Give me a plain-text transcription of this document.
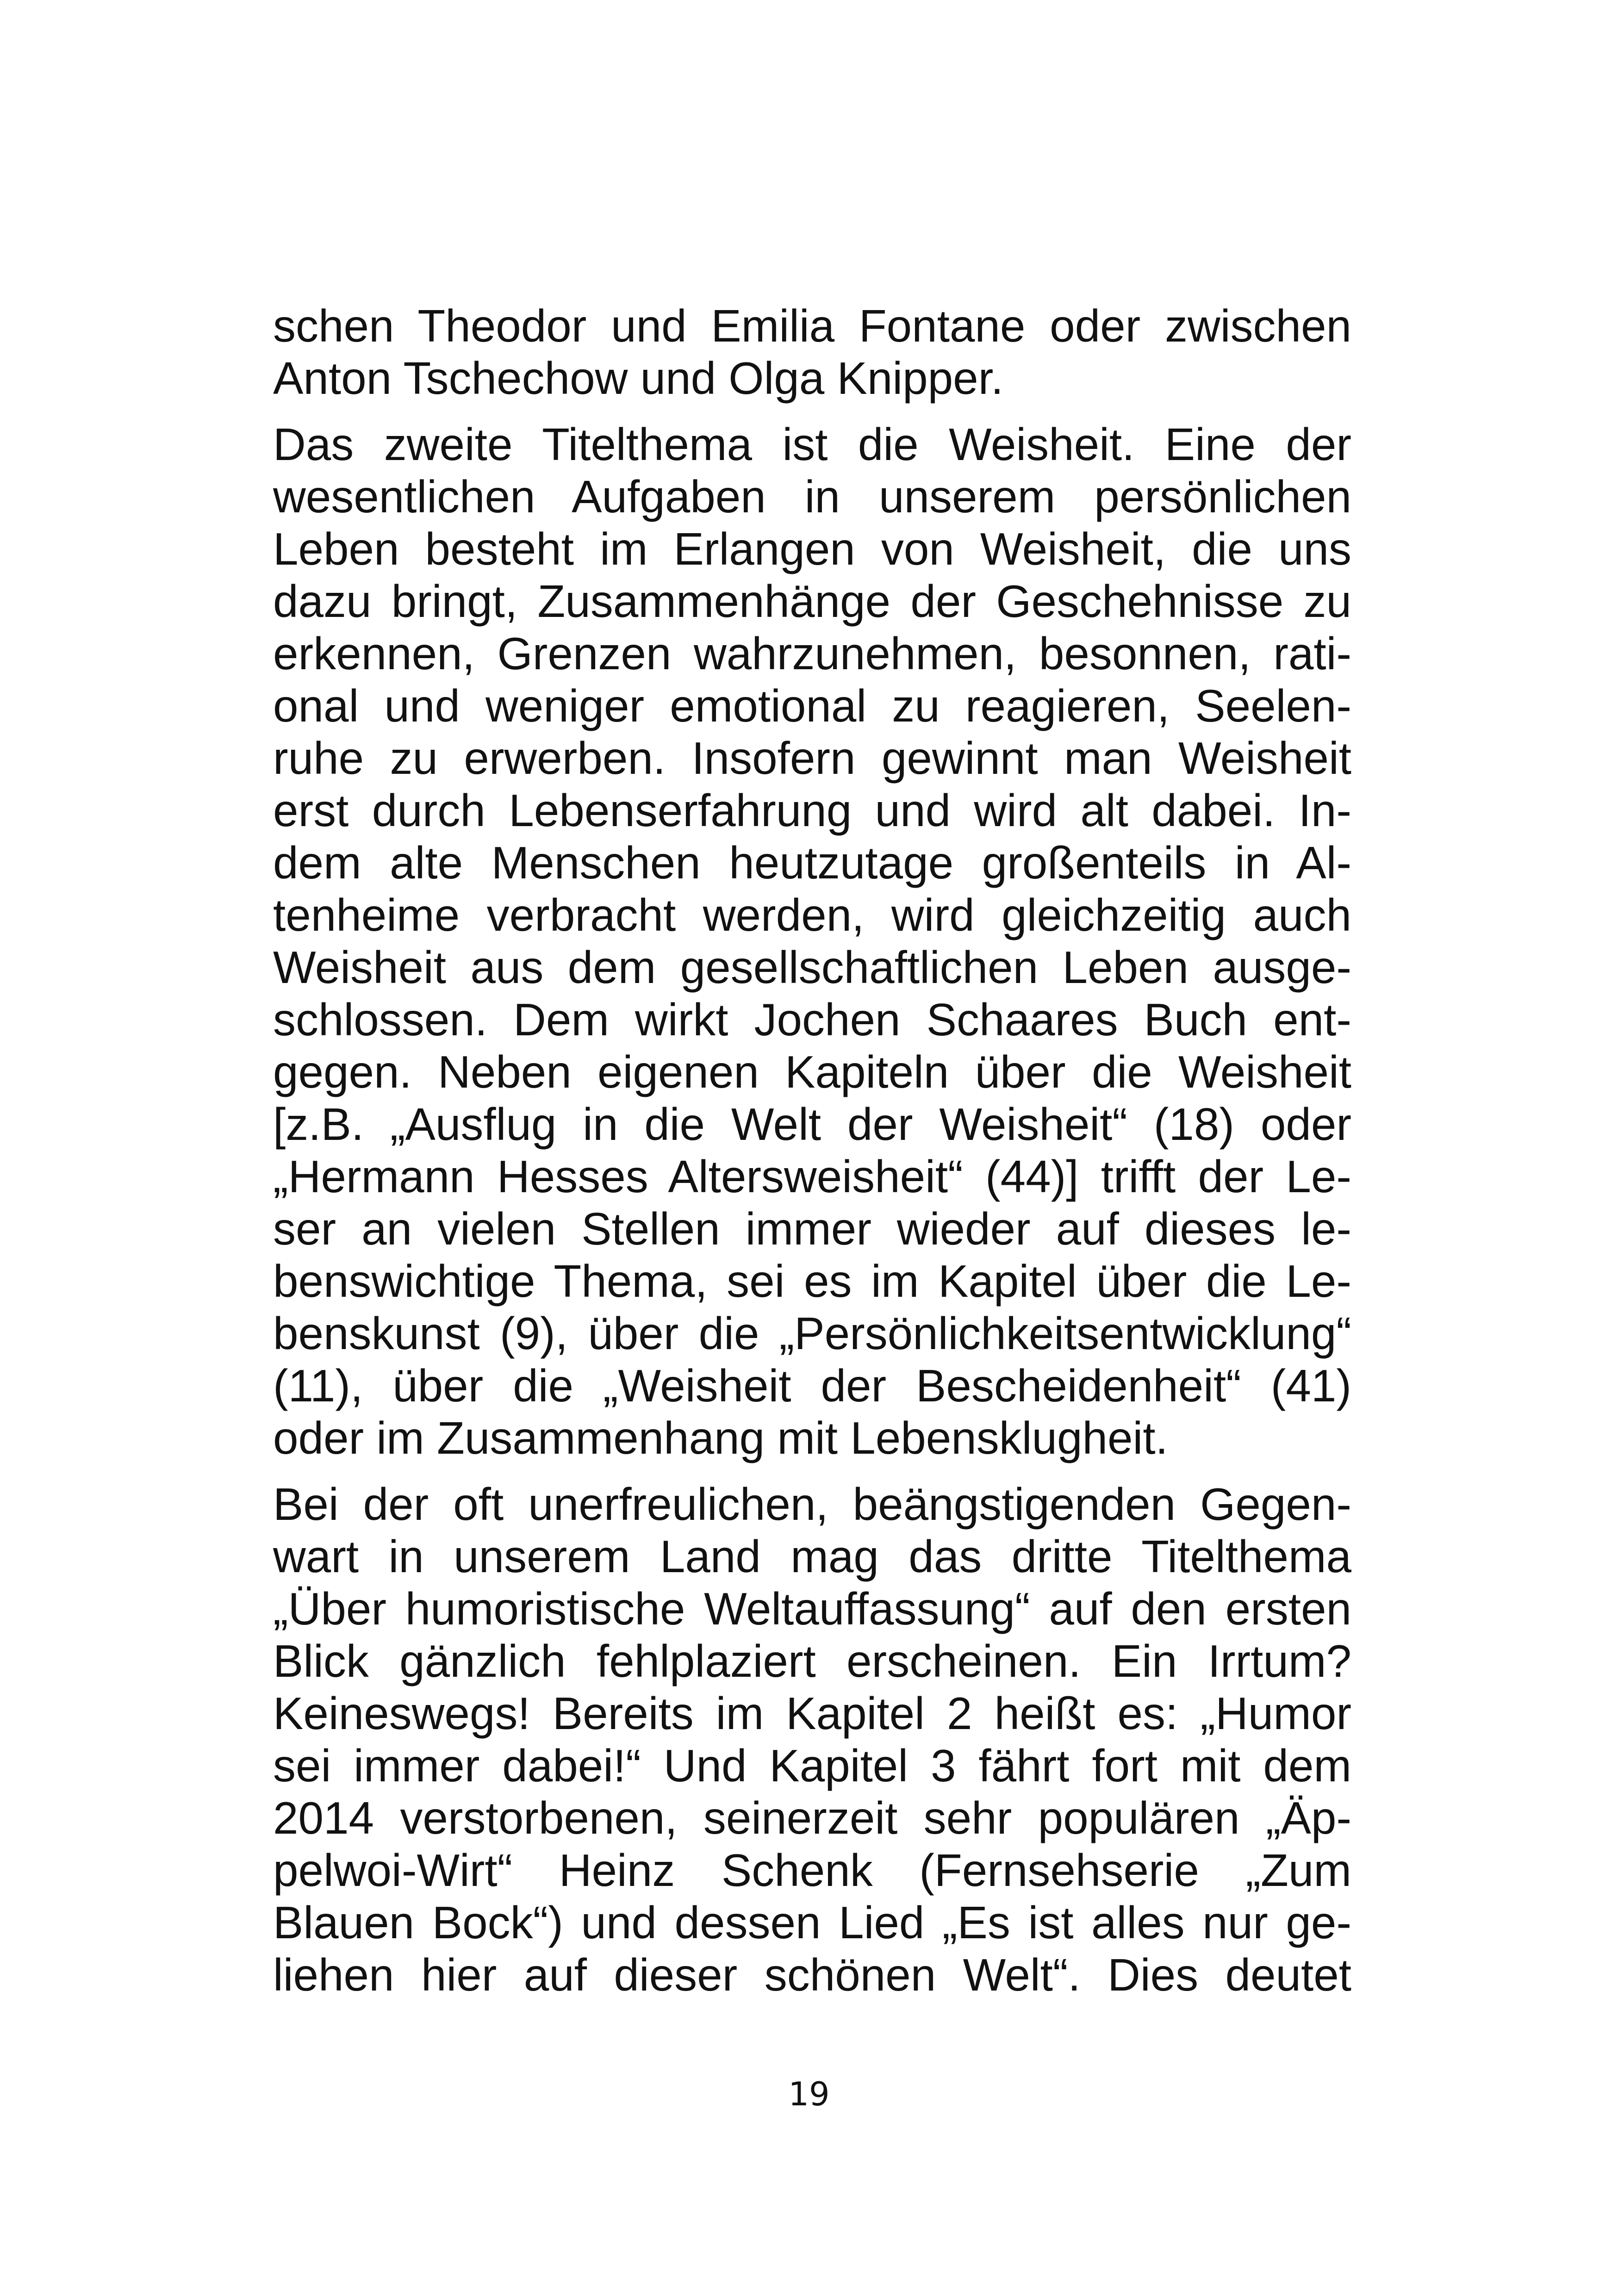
schen Theodor und Emilia Fontane oder zwischen
Anton Tschechow und Olga Knipper.
Das zweite Titelthema ist die Weisheit. Eine der
wesentlichen Aufgaben in unserem persönlichen
Leben besteht im Erlangen von Weisheit, die uns
dazu bringt, Zusammenhänge der Geschehnisse zu
erkennen, Grenzen wahrzunehmen, besonnen, rati-
onal und weniger emotional zu reagieren, Seelen-
ruhe zu erwerben. Insofern gewinnt man Weisheit
erst durch Lebenserfahrung und wird alt dabei. In-
dem alte Menschen heutzutage großenteils in Al-
tenheime verbracht werden, wird gleichzeitig auch
Weisheit aus dem gesellschaftlichen Leben ausge-
schlossen. Dem wirkt Jochen Schaares Buch ent-
gegen. Neben eigenen Kapiteln über die Weisheit
[z.B. „Ausflug in die Welt der Weisheit“ (18) oder
„Hermann Hesses Altersweisheit“ (44)] trifft der Le-
ser an vielen Stellen immer wieder auf dieses le-
benswichtige Thema, sei es im Kapitel über die Le-
benskunst (9), über die „Persönlichkeitsentwicklung“
(11), über die „Weisheit der Bescheidenheit“ (41)
oder im Zusammenhang mit Lebensklugheit.
Bei der oft unerfreulichen, beängstigenden Gegen-
wart in unserem Land mag das dritte Titelthema
„Über humoristische Weltauffassung“ auf den ersten
Blick gänzlich fehlplaziert erscheinen. Ein Irrtum?
Keineswegs! Bereits im Kapitel 2 heißt es: „Humor
sei immer dabei!“ Und Kapitel 3 fährt fort mit dem
2014 verstorbenen, seinerzeit sehr populären „Äp-
pelwoi-Wirt“ Heinz Schenk (Fernsehserie „Zum
Blauen Bock“) und dessen Lied „Es ist alles nur ge-
liehen hier auf dieser schönen Welt“. Dies deutet
19
